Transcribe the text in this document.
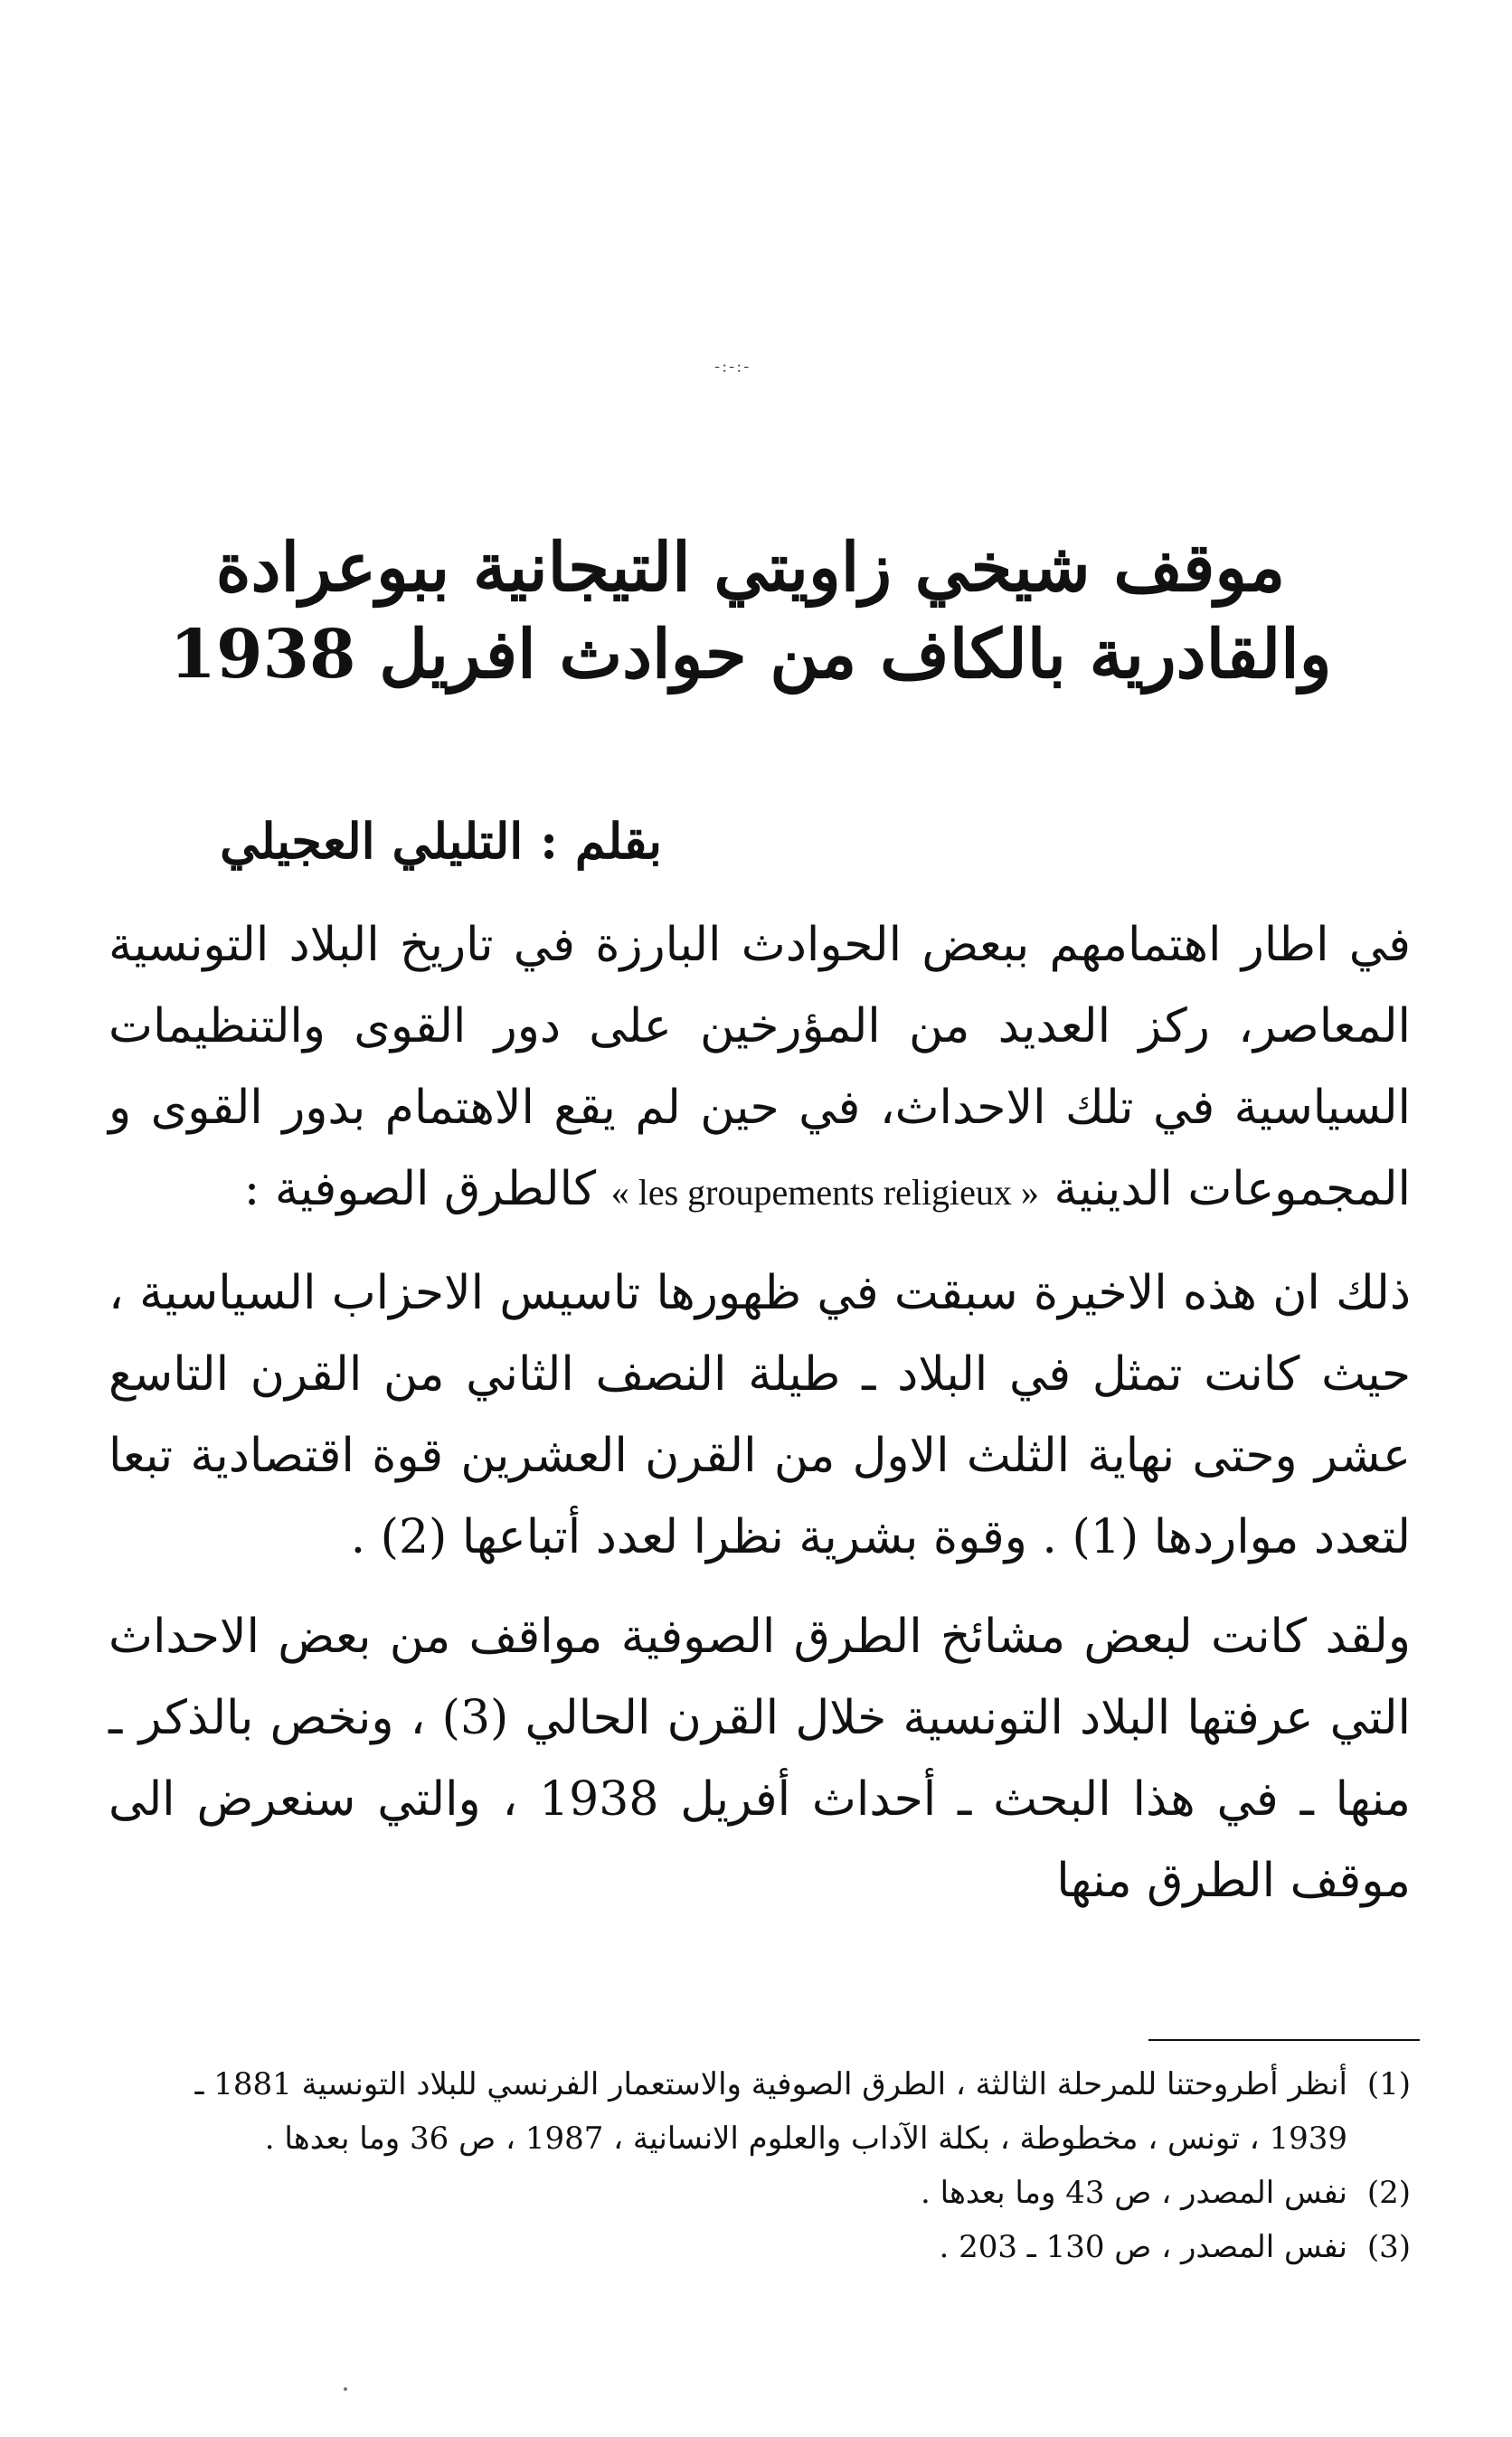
-:-:-
موقف شيخي زاويتي التيجانية ببوعرادة
والقادرية بالكاف من حوادث افريل 1938
بقلم : التليلي العجيلي

في اطار اهتمامهم ببعض الحوادث البارزة في تاريخ البلاد التونسية المعاصر، ركز العديد من المؤرخين على دور القوى والتنظيمات السياسية في تلك الاحداث، في حين لم يقع الاهتمام بدور القوى و المجموعات الدينية « les groupements religieux » كالطرق الصوفية :

ذلك ان هذه الاخيرة سبقت في ظهورها تاسيس الاحزاب السياسية ، حيث كانت تمثل في البلاد ـ طيلة النصف الثاني من القرن التاسع عشر وحتى نهاية الثلث الاول من القرن العشرين قوة اقتصادية تبعا لتعدد مواردها (1) . وقوة بشرية نظرا لعدد أتباعها (2) .

ولقد كانت لبعض مشائخ الطرق الصوفية مواقف من بعض الاحداث التي عرفتها البلاد التونسية خلال القرن الحالي (3) ، ونخص بالذكر ـ منها ـ في هذا البحث ـ أحداث أفريل 1938 ، والتي سنعرض الى موقف الطرق منها

(1)
أنظر أطروحتنا للمرحلة الثالثة ، الطرق الصوفية والاستعمار الفرنسي للبلاد التونسية 1881 ـ 1939 ، تونس ، مخطوطة ، بكلة الآداب والعلوم الانسانية ، 1987 ، ص 36 وما بعدها .
(2)
نفس المصدر ، ص 43 وما بعدها .
(3)
نفس المصدر ، ص 130 ـ 203 .
